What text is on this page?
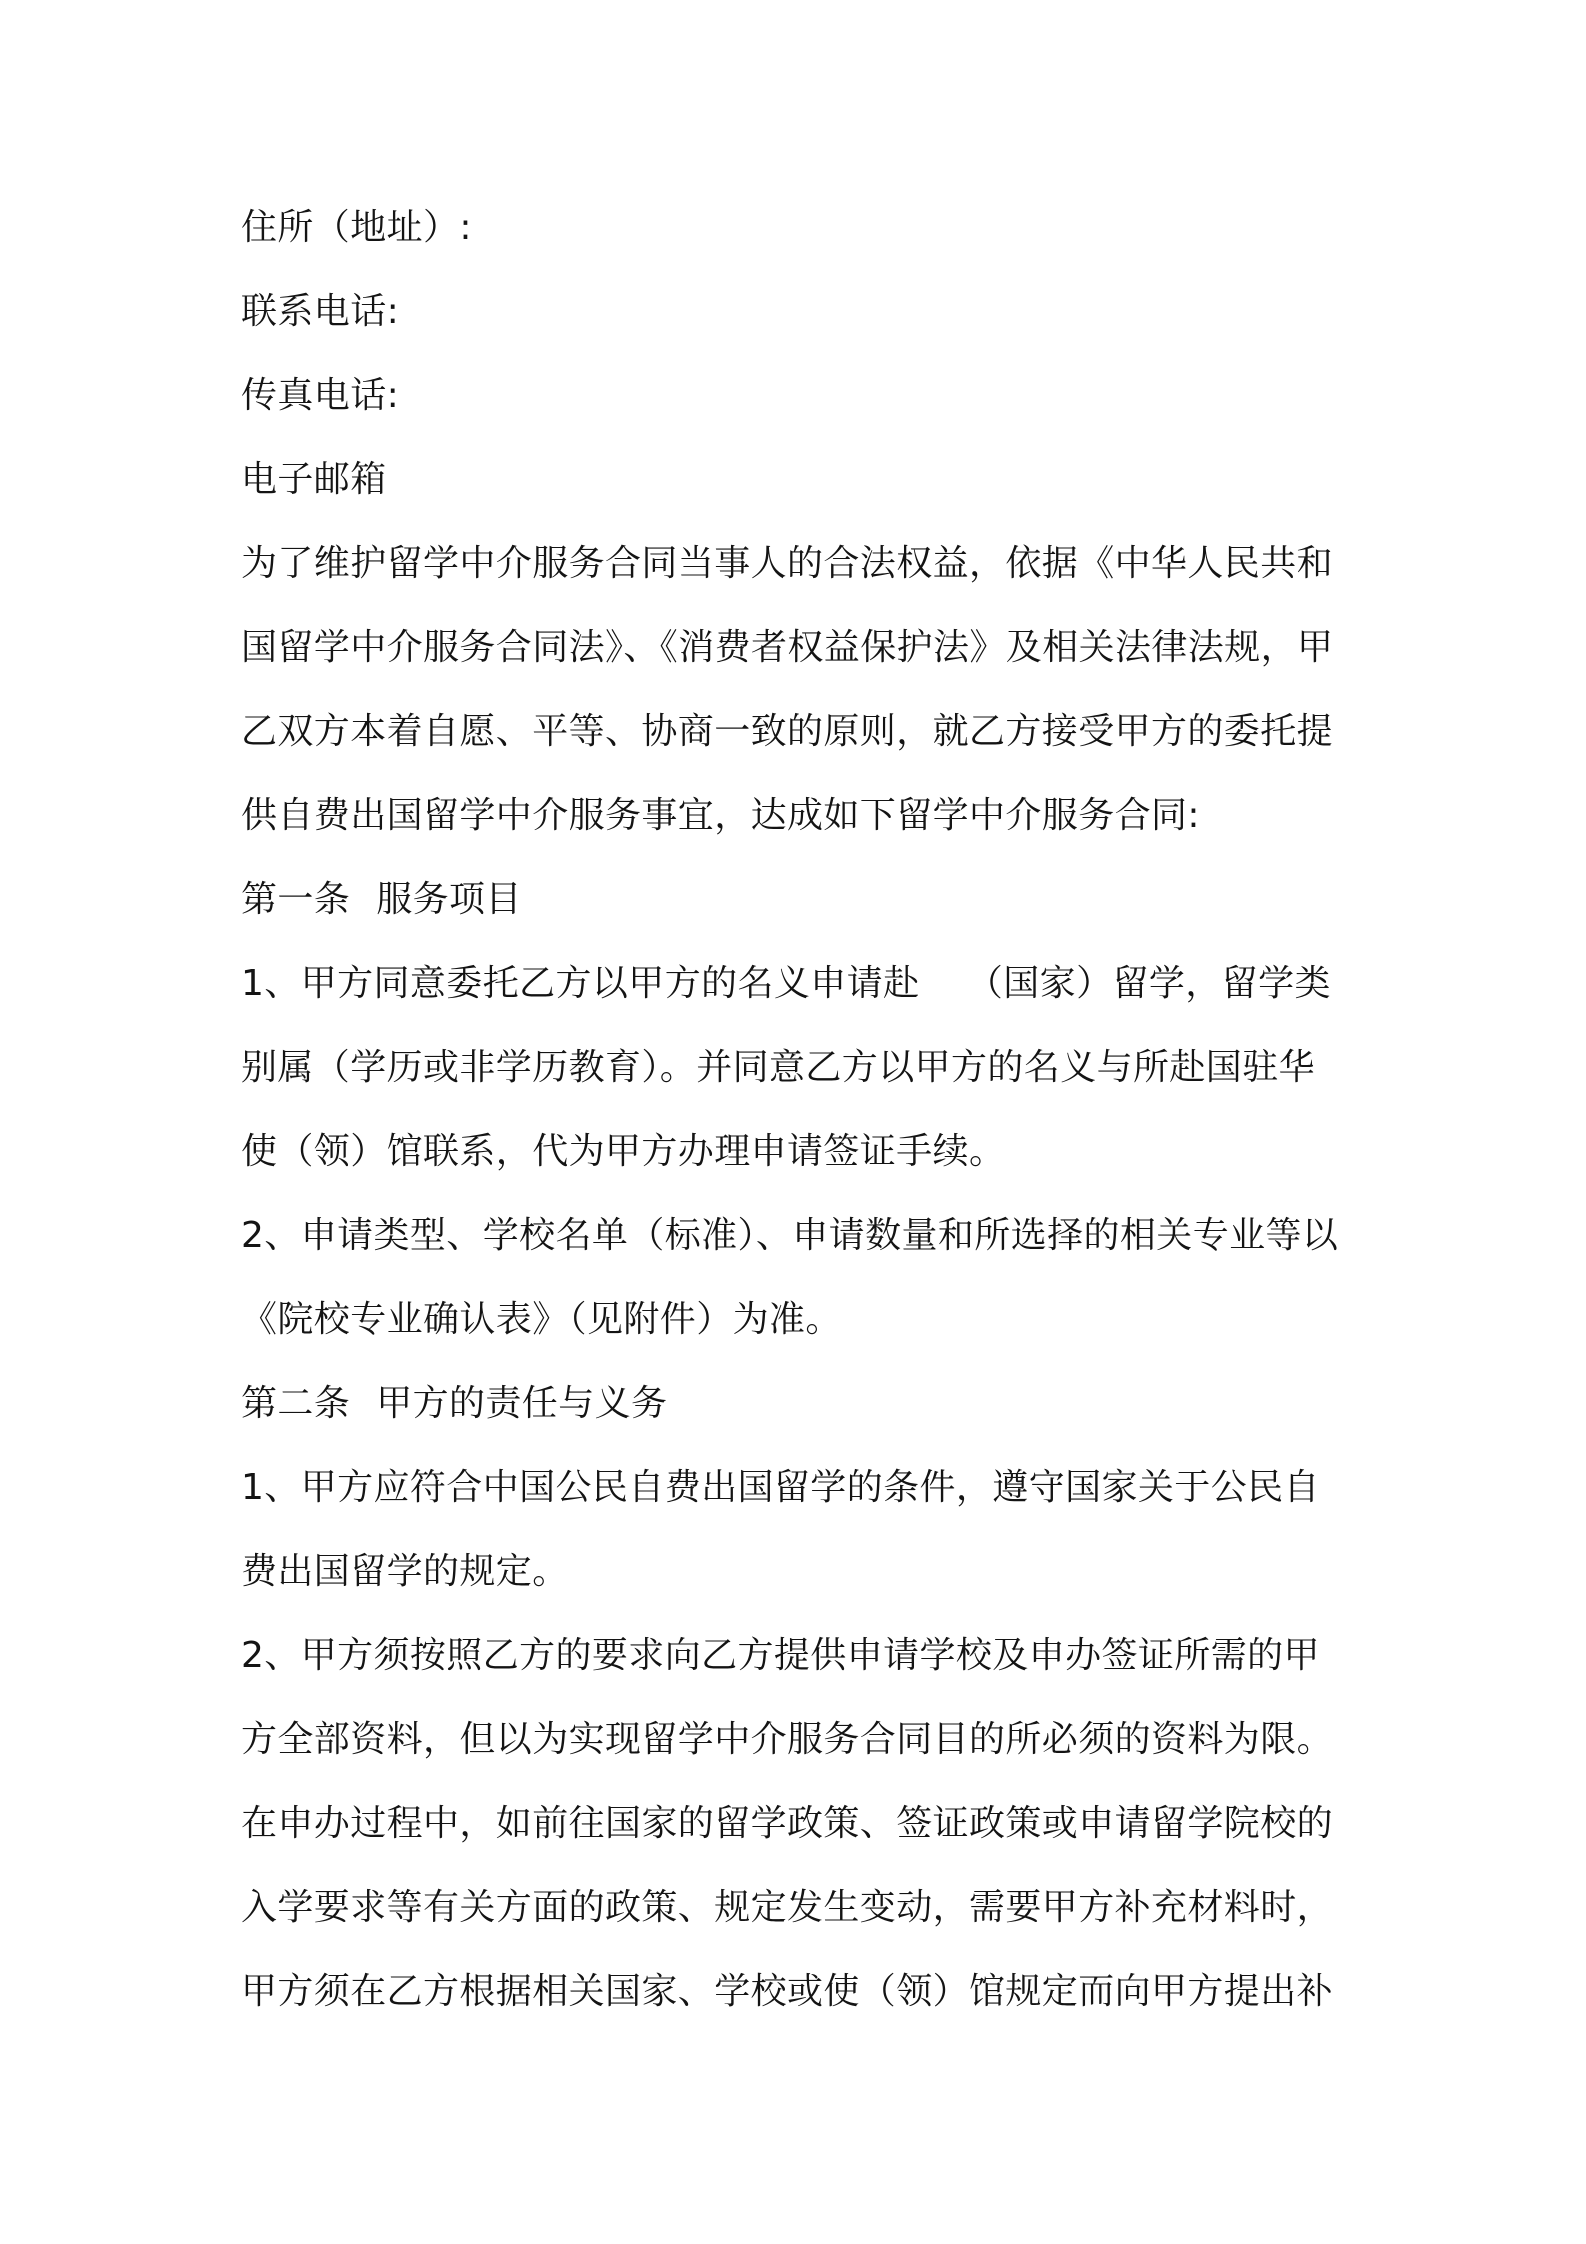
住所（地址）:
联系电话:
传真电话:
电子邮箱
为了维护留学中介服务合同当事人的合法权益，依据《中华人民共和
国留学中介服务合同法》、《消费者权益保护法》及相关法律法规，甲
乙双方本着自愿、平等、协商一致的原则，就乙方接受甲方的委托提
供自费出国留学中介服务事宜，达成如下留学中介服务合同:
第一条 服务项目
1、甲方同意委托乙方以甲方的名义申请赴    （国家）留学，留学类
别属（学历或非学历教育）。并同意乙方以甲方的名义与所赴国驻华
使（领）馆联系，代为甲方办理申请签证手续。
2、申请类型、学校名单（标准）、申请数量和所选择的相关专业等以
《院校专业确认表》（见附件）为准。
第二条 甲方的责任与义务
1、甲方应符合中国公民自费出国留学的条件，遵守国家关于公民自
费出国留学的规定。
2、甲方须按照乙方的要求向乙方提供申请学校及申办签证所需的甲
方全部资料，但以为实现留学中介服务合同目的所必须的资料为限。
在申办过程中，如前往国家的留学政策、签证政策或申请留学院校的
入学要求等有关方面的政策、规定发生变动，需要甲方补充材料时，
甲方须在乙方根据相关国家、学校或使（领）馆规定而向甲方提出补
